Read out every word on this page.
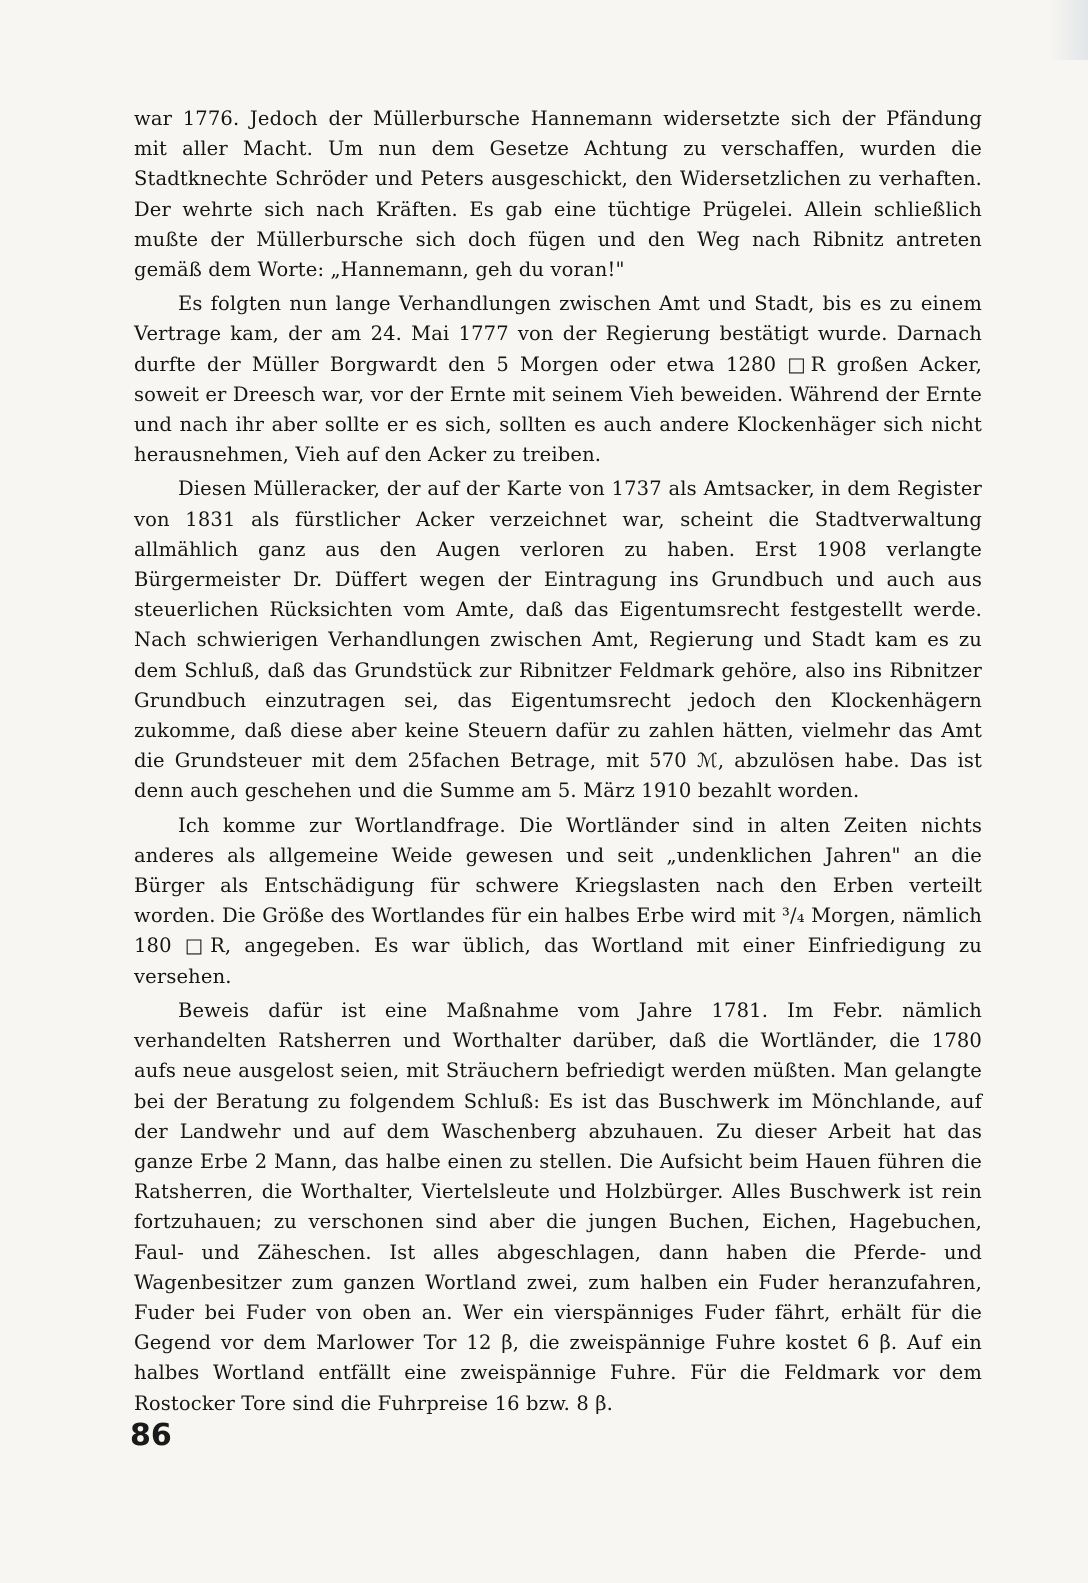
war 1776. Jedoch der Müllerbursche Hannemann widersetzte sich der Pfändung mit aller Macht. Um nun dem Gesetze Achtung zu verschaffen, wurden die Stadtknechte Schröder und Peters ausgeschickt, den Widersetzlichen zu verhaften. Der wehrte sich nach Kräften. Es gab eine tüchtige Prügelei. Allein schließlich mußte der Müllerbursche sich doch fügen und den Weg nach Ribnitz antreten gemäß dem Worte: „Hannemann, geh du voran!"

Es folgten nun lange Verhandlungen zwischen Amt und Stadt, bis es zu einem Vertrage kam, der am 24. Mai 1777 von der Regierung bestätigt wurde. Darnach durfte der Müller Borgwardt den 5 Morgen oder etwa 1280 □R großen Acker, soweit er Dreesch war, vor der Ernte mit seinem Vieh beweiden. Während der Ernte und nach ihr aber sollte er es sich, sollten es auch andere Klockenhäger sich nicht herausnehmen, Vieh auf den Acker zu treiben.

Diesen Mülleracker, der auf der Karte von 1737 als Amtsacker, in dem Register von 1831 als fürstlicher Acker verzeichnet war, scheint die Stadtverwaltung allmählich ganz aus den Augen verloren zu haben. Erst 1908 verlangte Bürgermeister Dr. Düffert wegen der Eintragung ins Grundbuch und auch aus steuerlichen Rücksichten vom Amte, daß das Eigentumsrecht festgestellt werde. Nach schwierigen Verhandlungen zwischen Amt, Regierung und Stadt kam es zu dem Schluß, daß das Grundstück zur Ribnitzer Feldmark gehöre, also ins Ribnitzer Grundbuch einzutragen sei, das Eigentumsrecht jedoch den Klockenhägern zukomme, daß diese aber keine Steuern dafür zu zahlen hätten, vielmehr das Amt die Grundsteuer mit dem 25fachen Betrage, mit 570 ℳ, abzulösen habe. Das ist denn auch geschehen und die Summe am 5. März 1910 bezahlt worden.

Ich komme zur Wortlandfrage. Die Wortländer sind in alten Zeiten nichts anderes als allgemeine Weide gewesen und seit „undenklichen Jahren" an die Bürger als Entschädigung für schwere Kriegslasten nach den Erben verteilt worden. Die Größe des Wortlandes für ein halbes Erbe wird mit ³/₄ Morgen, nämlich 180 □R, angegeben. Es war üblich, das Wortland mit einer Einfriedigung zu versehen.

Beweis dafür ist eine Maßnahme vom Jahre 1781. Im Febr. nämlich verhandelten Ratsherren und Worthalter darüber, daß die Wortländer, die 1780 aufs neue ausgelost seien, mit Sträuchern befriedigt werden müßten. Man gelangte bei der Beratung zu folgendem Schluß: Es ist das Buschwerk im Mönchlande, auf der Landwehr und auf dem Waschenberg abzuhauen. Zu dieser Arbeit hat das ganze Erbe 2 Mann, das halbe einen zu stellen. Die Aufsicht beim Hauen führen die Ratsherren, die Worthalter, Viertelsleute und Holzbürger. Alles Buschwerk ist rein fortzuhauen; zu verschonen sind aber die jungen Buchen, Eichen, Hagebuchen, Faul- und Zäheschen. Ist alles abgeschlagen, dann haben die Pferde- und Wagenbesitzer zum ganzen Wortland zwei, zum halben ein Fuder heranzufahren, Fuder bei Fuder von oben an. Wer ein vierspänniges Fuder fährt, erhält für die Gegend vor dem Marlower Tor 12 β, die zweispännige Fuhre kostet 6 β. Auf ein halbes Wortland entfällt eine zweispännige Fuhre. Für die Feldmark vor dem Rostocker Tore sind die Fuhrpreise 16 bzw. 8 β.

86
